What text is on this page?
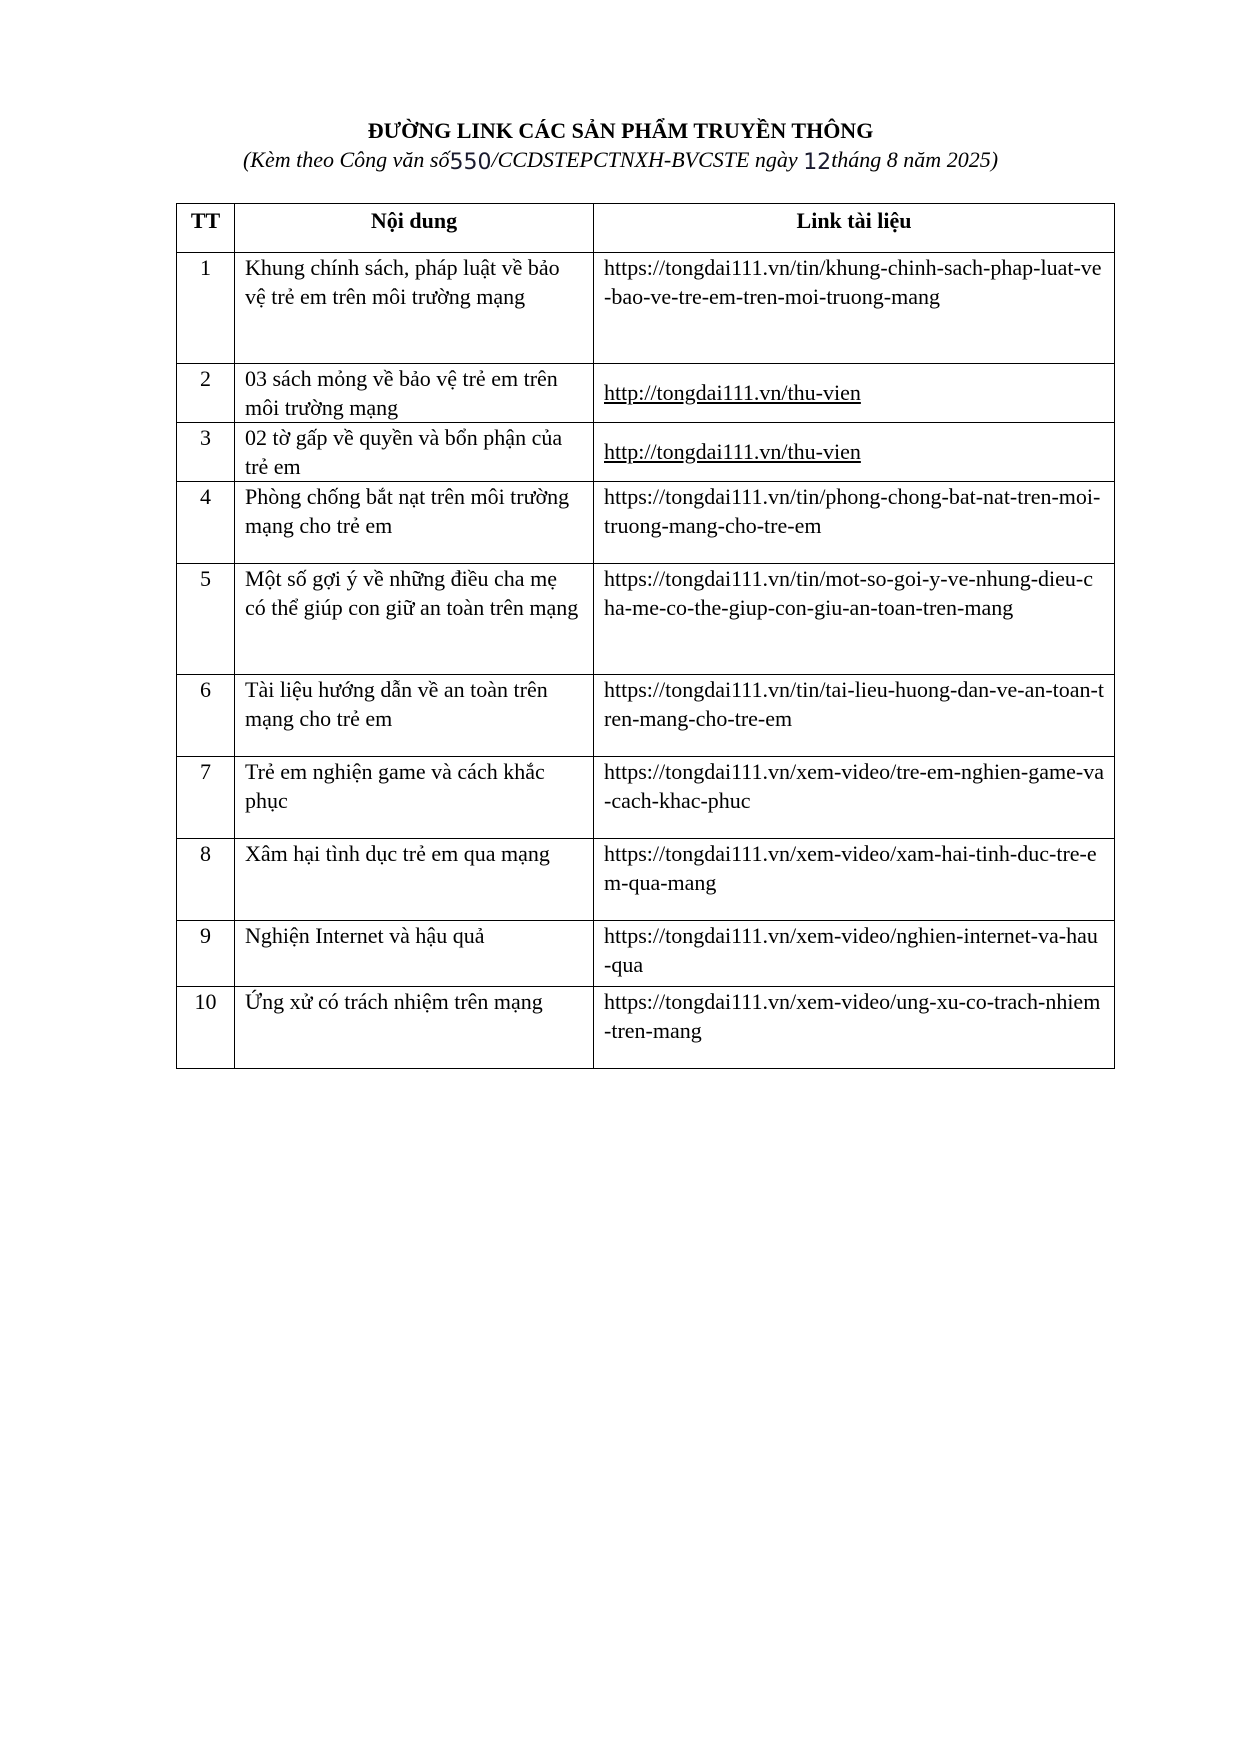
ĐƯỜNG LINK CÁC SẢN PHẨM TRUYỀN THÔNG
(Kèm theo Công văn số550/CCDSTEPCTNXH-BVCSTE ngày 12tháng 8 năm 2025)
TT	Nội dung	Link tài liệu
1	Khung chính sách, pháp luật về bảo vệ trẻ em trên môi trường mạng	https://tongdai111.vn/tin/khung-chinh-sach-phap-luat-ve-bao-ve-tre-em-tren-moi-truong-mang
2	03 sách mỏng về bảo vệ trẻ em trên môi trường mạng	http://tongdai111.vn/thu-vien

3	02 tờ gấp về quyền và bổn phận của trẻ em	http://tongdai111.vn/thu-vien

4	Phòng chống bắt nạt trên môi trường mạng cho trẻ em	https://tongdai111.vn/tin/phong-chong-bat-nat-tren-moi-truong-mang-cho-tre-em
5	Một số gợi ý về những điều cha mẹ có thể giúp con giữ an toàn trên mạng	https://tongdai111.vn/tin/mot-so-goi-y-ve-nhung-dieu-cha-me-co-the-giup-con-giu-an-toan-tren-mang
6	Tài liệu hướng dẫn về an toàn trên mạng cho trẻ em	https://tongdai111.vn/tin/tai-lieu-huong-dan-ve-an-toan-tren-mang-cho-tre-em
7	Trẻ em nghiện game và cách khắc phục	https://tongdai111.vn/xem-video/tre-em-nghien-game-va-cach-khac-phuc
8	Xâm hại tình dục trẻ em qua mạng	https://tongdai111.vn/xem-video/xam-hai-tinh-duc-tre-em-qua-mang
9	Nghiện Internet và hậu quả	https://tongdai111.vn/xem-video/nghien-internet-va-hau-qua
10	Ứng xử có trách nhiệm trên mạng	https://tongdai111.vn/xem-video/ung-xu-co-trach-nhiem-tren-mang
